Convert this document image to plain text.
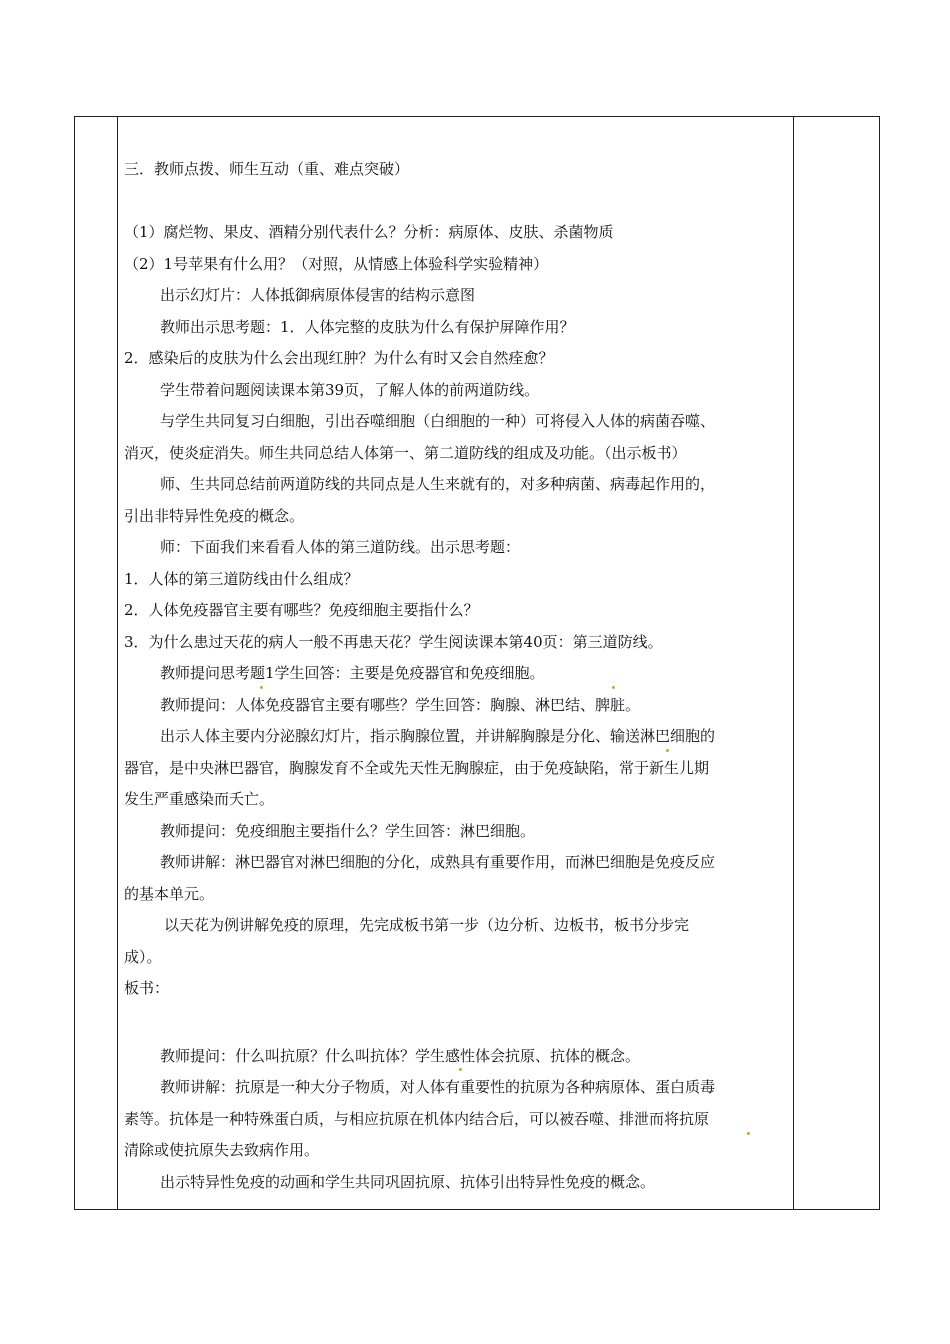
三．教师点拨、师生互动（重、难点突破）
（1）腐烂物、果皮、酒精分别代表什么？分析：病原体、皮肤、杀菌物质
（2）1号苹果有什么用？（对照，从情感上体验科学实验精神）
出示幻灯片：人体抵御病原体侵害的结构示意图
教师出示思考题：1．人体完整的皮肤为什么有保护屏障作用？
2．感染后的皮肤为什么会出现红肿？为什么有时又会自然痊愈？
学生带着问题阅读课本第39页，了解人体的前两道防线。
与学生共同复习白细胞，引出吞噬细胞（白细胞的一种）可将侵入人体的病菌吞噬、
消灭，使炎症消失。师生共同总结人体第一、第二道防线的组成及功能。（出示板书）
师、生共同总结前两道防线的共同点是人生来就有的，对多种病菌、病毒起作用的，
引出非特异性免疫的概念。
师：下面我们来看看人体的第三道防线。出示思考题：
1．人体的第三道防线由什么组成？
2．人体免疫器官主要有哪些？免疫细胞主要指什么？
3．为什么患过天花的病人一般不再患天花？学生阅读课本第40页：第三道防线。
教师提问思考题1学生回答：主要是免疫器官和免疫细胞。
教师提问：人体免疫器官主要有哪些？学生回答：胸腺、淋巴结、脾脏。
出示人体主要内分泌腺幻灯片，指示胸腺位置，并讲解胸腺是分化、输送淋巴细胞的
器官，是中央淋巴器官，胸腺发育不全或先天性无胸腺症，由于免疫缺陷，常于新生儿期
发生严重感染而夭亡。
教师提问：免疫细胞主要指什么？学生回答：淋巴细胞。
教师讲解：淋巴器官对淋巴细胞的分化，成熟具有重要作用，而淋巴细胞是免疫反应
的基本单元。
以天花为例讲解免疫的原理，先完成板书第一步（边分析、边板书，板书分步完
成）。
板书：
教师提问：什么叫抗原？什么叫抗体？学生感性体会抗原、抗体的概念。
教师讲解：抗原是一种大分子物质，对人体有重要性的抗原为各种病原体、蛋白质毒
素等。抗体是一种特殊蛋白质，与相应抗原在机体内结合后，可以被吞噬、排泄而将抗原
清除或使抗原失去致病作用。
出示特异性免疫的动画和学生共同巩固抗原、抗体引出特异性免疫的概念。
